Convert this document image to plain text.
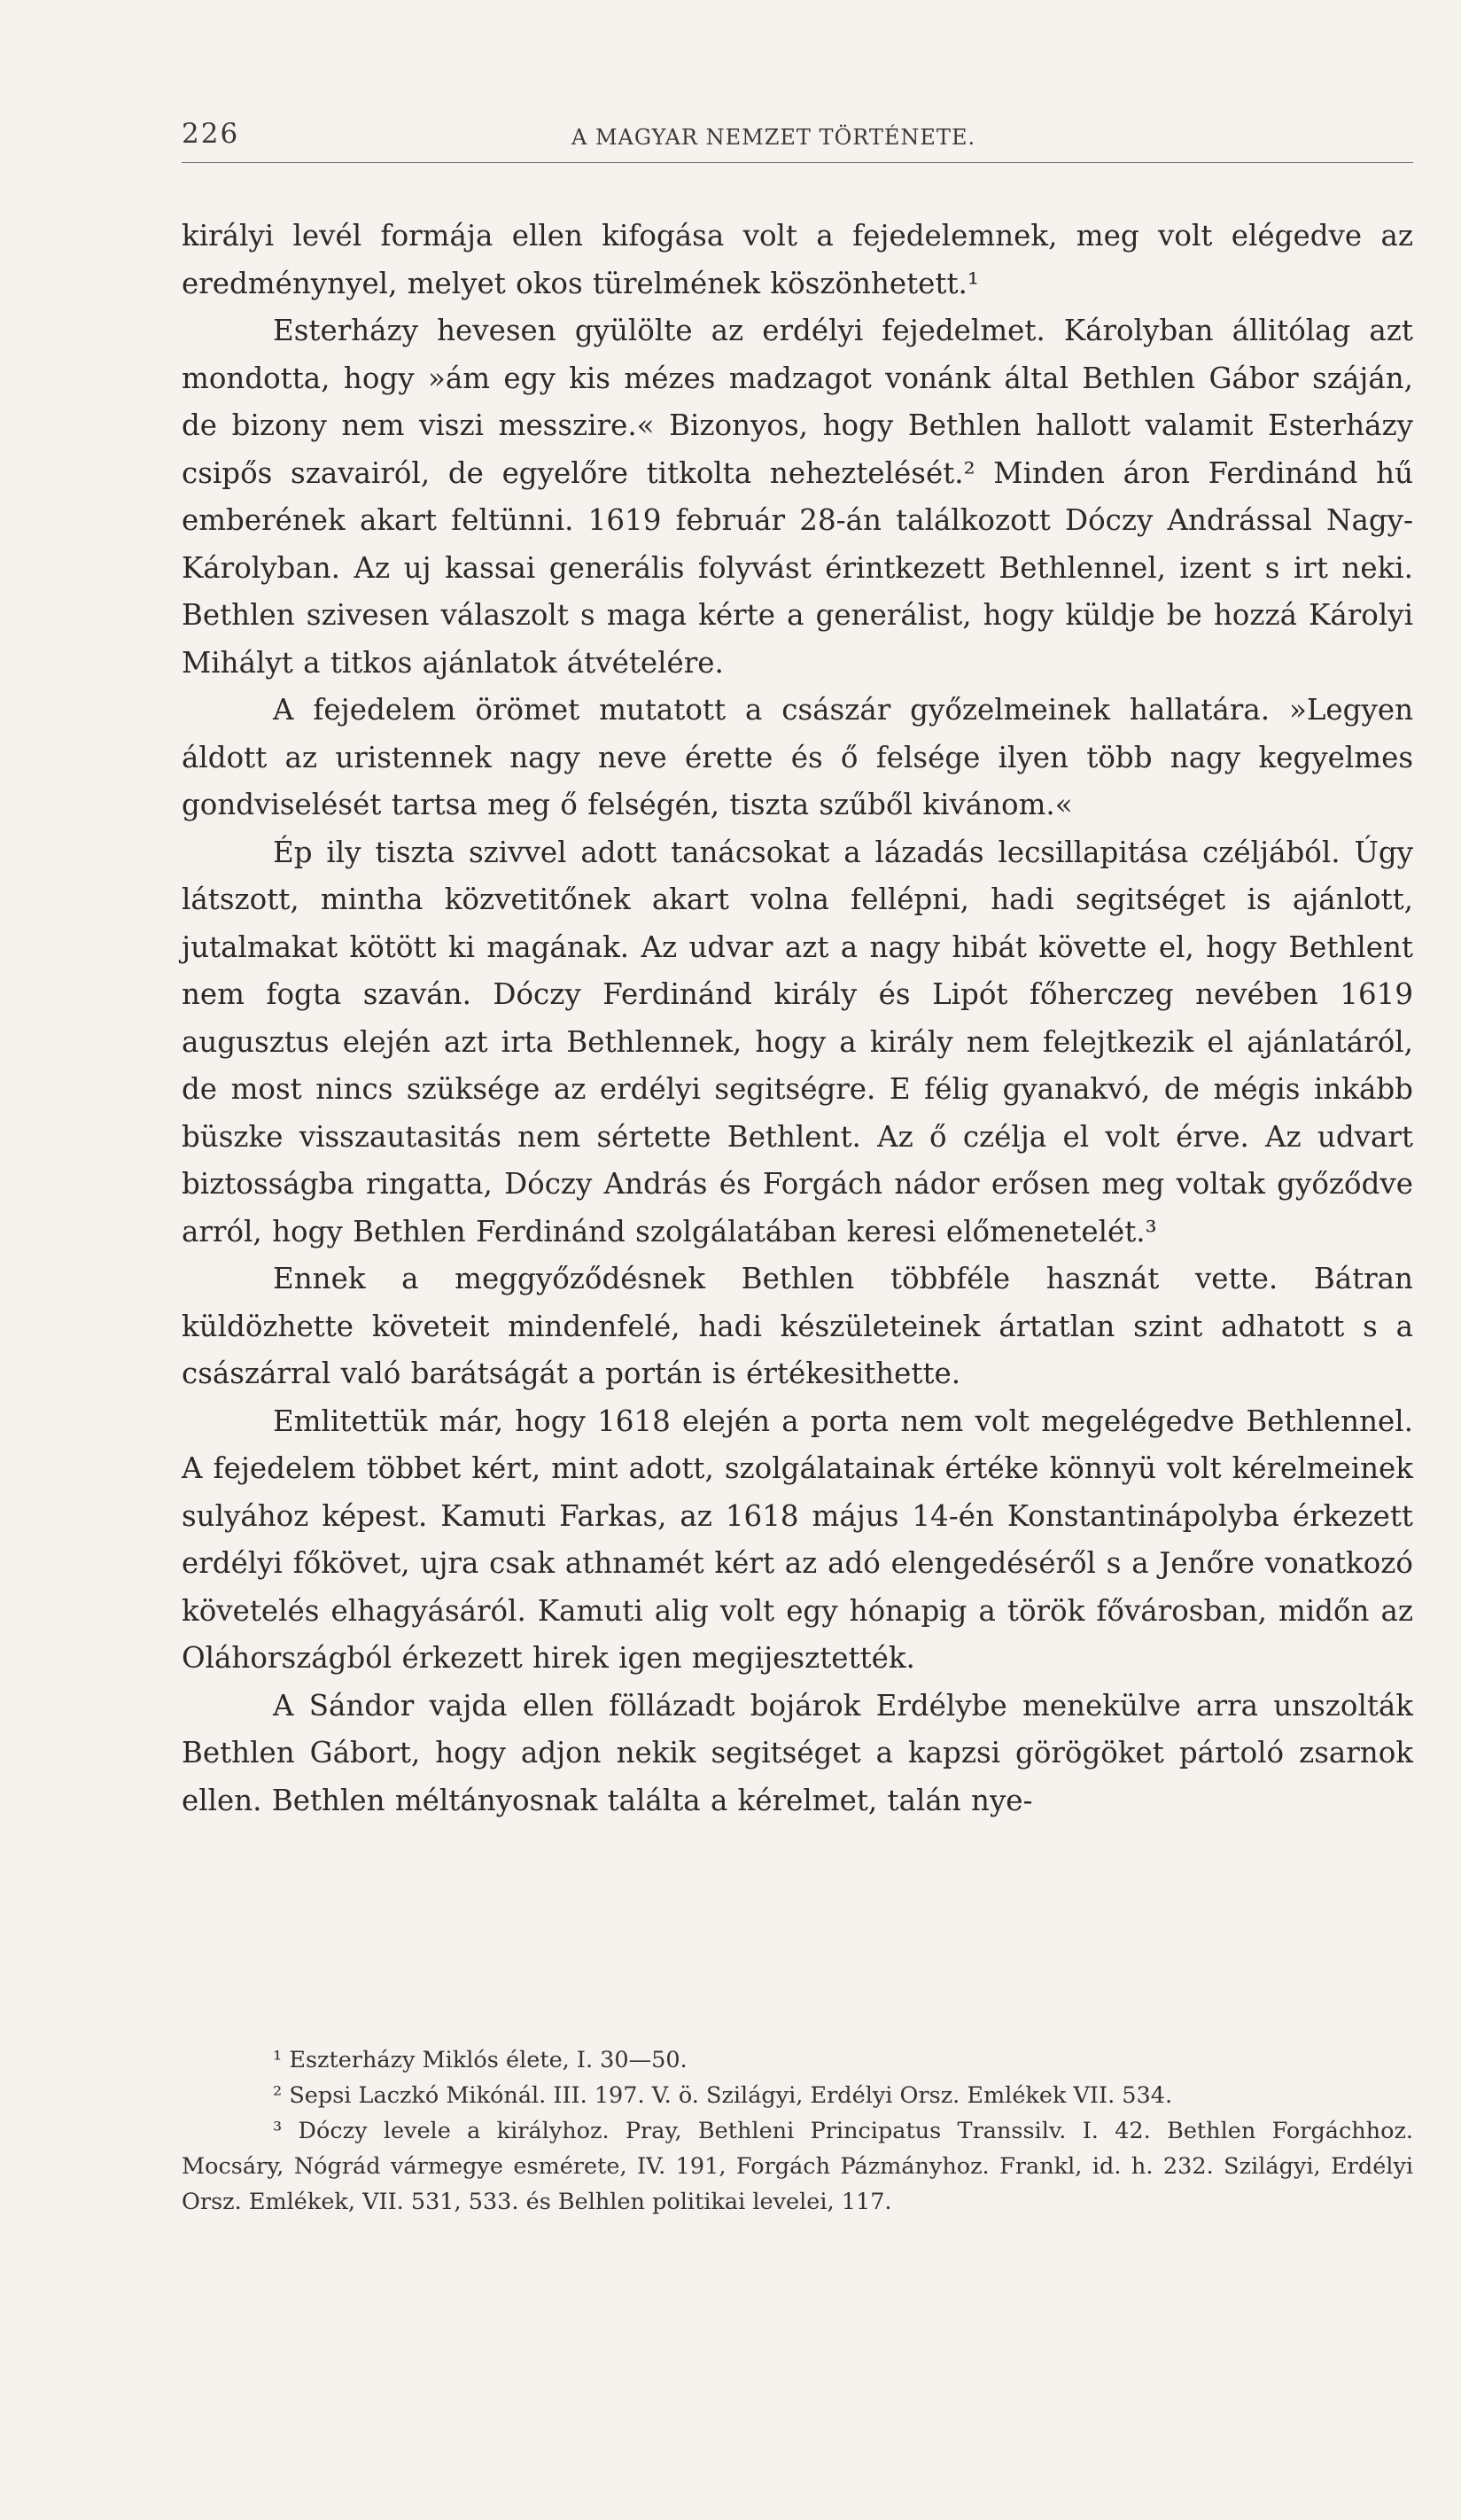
226	A MAGYAR NEMZET TÖRTÉNETE.

királyi levél formája ellen kifogása volt a fejedelemnek, meg volt elégedve az eredménynyel, melyet okos türelmének köszönhetett.¹

Esterházy hevesen gyülölte az erdélyi fejedelmet. Károlyban állitólag azt mondotta, hogy »ám egy kis mézes madzagot vonánk által Bethlen Gábor száján, de bizony nem viszi messzire.« Bizonyos, hogy Bethlen hallott valamit Esterházy csipős szavairól, de egyelőre titkolta neheztelését.² Minden áron Ferdinánd hű emberének akart feltünni. 1619 február 28-án találkozott Dóczy Andrással Nagy-Károlyban. Az uj kassai generális folyvást érintkezett Bethlennel, izent s irt neki. Bethlen szivesen válaszolt s maga kérte a generálist, hogy küldje be hozzá Károlyi Mihályt a titkos ajánlatok átvételére.

A fejedelem örömet mutatott a császár győzelmeinek hallatára. »Legyen áldott az uristennek nagy neve érette és ő felsége ilyen több nagy kegyelmes gondviselését tartsa meg ő felségén, tiszta szűből kivánom.«

Ép ily tiszta szivvel adott tanácsokat a lázadás lecsillapitása czéljából. Úgy látszott, mintha közvetitőnek akart volna fellépni, hadi segitséget is ajánlott, jutalmakat kötött ki magának. Az udvar azt a nagy hibát követte el, hogy Bethlent nem fogta szaván. Dóczy Ferdinánd király és Lipót főherczeg nevében 1619 augusztus elején azt irta Bethlennek, hogy a király nem felejtkezik el ajánlatáról, de most nincs szüksége az erdélyi segitségre. E félig gyanakvó, de mégis inkább büszke visszautasitás nem sértette Bethlent. Az ő czélja el volt érve. Az udvart biztosságba ringatta, Dóczy András és Forgách nádor erősen meg voltak győződve arról, hogy Bethlen Ferdinánd szolgálatában keresi előmenetelét.³

Ennek a meggyőződésnek Bethlen többféle hasznát vette. Bátran küldözhette követeit mindenfelé, hadi készületeinek ártatlan szint adhatott s a császárral való barátságát a portán is értékesithette.

Emlitettük már, hogy 1618 elején a porta nem volt megelégedve Bethlennel. A fejedelem többet kért, mint adott, szolgálatainak értéke könnyü volt kérelmeinek sulyához képest. Kamuti Farkas, az 1618 május 14-én Konstantinápolyba érkezett erdélyi főkövet, ujra csak athnamét kért az adó elengedéséről s a Jenőre vonatkozó követelés elhagyásáról. Kamuti alig volt egy hónapig a török fővárosban, midőn az Oláhországból érkezett hirek igen megijesztették.

A Sándor vajda ellen föllázadt bojárok Erdélybe menekülve arra unszolták Bethlen Gábort, hogy adjon nekik segitséget a kapzsi görögöket pártoló zsarnok ellen. Bethlen méltányosnak találta a kérelmet, talán nye-

¹ Eszterházy Miklós élete, I. 30—50.

² Sepsi Laczkó Mikónál. III. 197. V. ö. Szilágyi, Erdélyi Orsz. Emlékek VII. 534.

³ Dóczy levele a királyhoz. Pray, Bethleni Principatus Transsilv. I. 42. Bethlen Forgáchhoz. Mocsáry, Nógrád vármegye esmérete, IV. 191, Forgách Pázmányhoz. Frankl, id. h. 232. Szilágyi, Erdélyi Orsz. Emlékek, VII. 531, 533. és Belhlen politikai levelei, 117.
